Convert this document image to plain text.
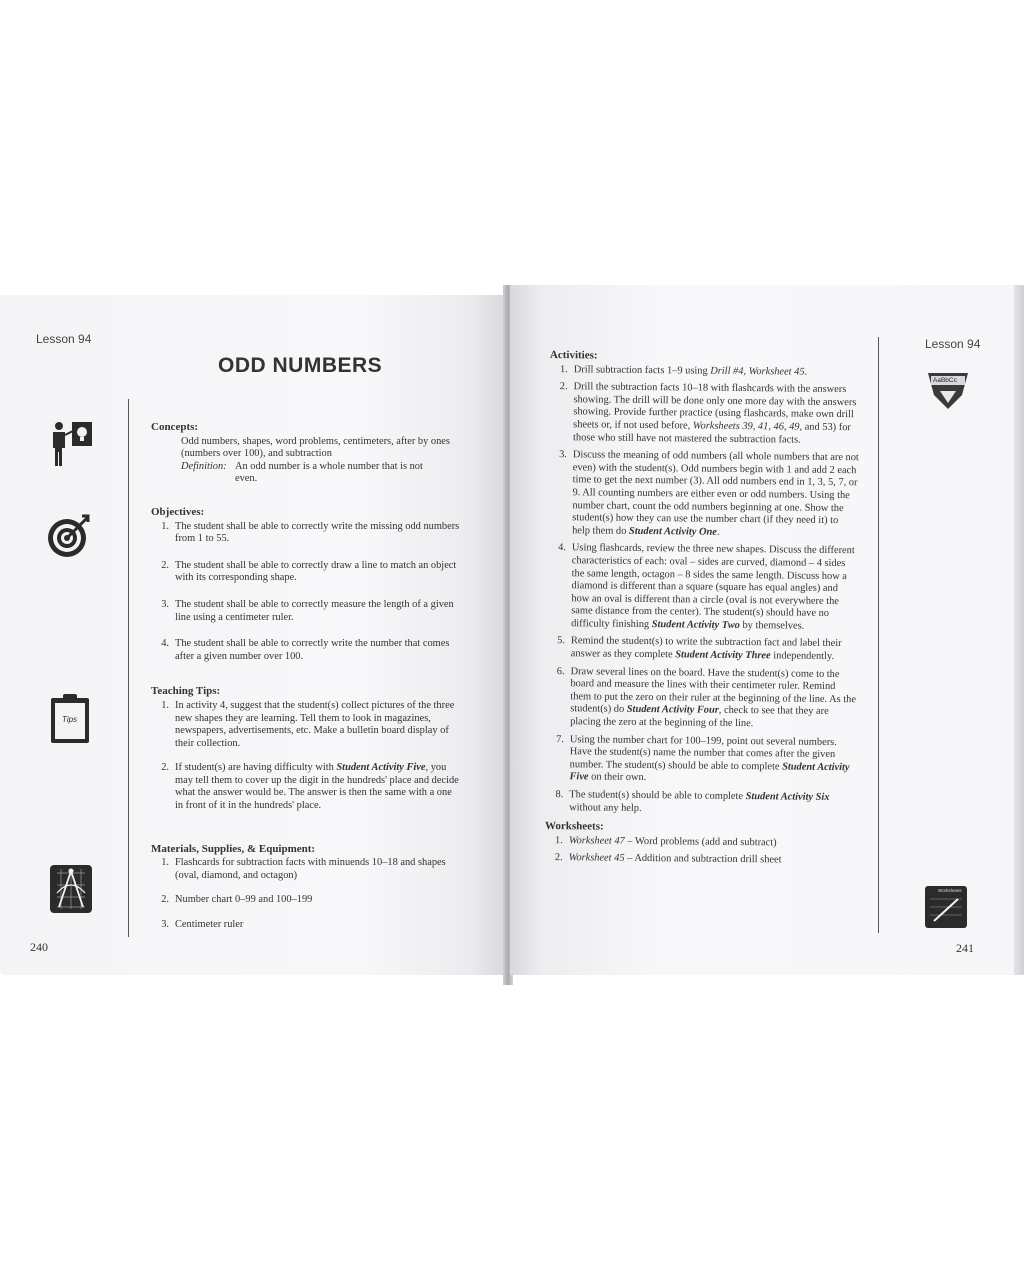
Lesson 94
ODD NUMBERS
Tips
Concepts:
Odd numbers, shapes, word problems, centimeters, after by ones (numbers over 100), and subtraction
Definition: An odd number is a whole number that is not even.
Objectives:
1. The student shall be able to correctly write the missing odd numbers from 1 to 55.
2. The student shall be able to correctly draw a line to match an object with its corresponding shape.
3. The student shall be able to correctly measure the length of a given line using a centimeter ruler.
4. The student shall be able to correctly write the number that comes after a given number over 100.
Teaching Tips:
1. In activity 4, suggest that the student(s) collect pictures of the three new shapes they are learning. Tell them to look in magazines, newspapers, advertisements, etc. Make a bulletin board display of their collection.
2. If student(s) are having difficulty with Student Activity Five, you may tell them to cover up the digit in the hundreds' place and decide what the answer would be. The answer is then the same with a one in front of it in the hundreds' place.
Materials, Supplies, & Equipment:
1. Flashcards for subtraction facts with minuends 10–18 and shapes (oval, diamond, and octagon)
2. Number chart 0–99 and 100–199
3. Centimeter ruler
240
Lesson 94
AaBbCc
Worksheets
Activities:
1. Drill subtraction facts 1–9 using Drill #4, Worksheet 45.
2. Drill the subtraction facts 10–18 with flashcards with the answers showing. The drill will be done only one more day with the answers showing. Provide further practice (using flashcards, make own drill sheets or, if not used before, Worksheets 39, 41, 46, 49, and 53) for those who still have not mastered the subtraction facts.
3. Discuss the meaning of odd numbers (all whole numbers that are not even) with the student(s). Odd numbers begin with 1 and add 2 each time to get the next number (3). All odd numbers end in 1, 3, 5, 7, or 9. All counting numbers are either even or odd numbers. Using the number chart, count the odd numbers beginning at one. Show the student(s) how they can use the number chart (if they need it) to help them do Student Activity One.
4. Using flashcards, review the three new shapes. Discuss the different characteristics of each: oval – sides are curved, diamond – 4 sides the same length, octagon – 8 sides the same length. Discuss how a diamond is different than a square (square has equal angles) and how an oval is different than a circle (oval is not everywhere the same distance from the center). The student(s) should have no difficulty finishing Student Activity Two by themselves.
5. Remind the student(s) to write the subtraction fact and label their answer as they complete Student Activity Three independently.
6. Draw several lines on the board. Have the student(s) come to the board and measure the lines with their centimeter ruler. Remind them to put the zero on their ruler at the beginning of the line. As the student(s) do Student Activity Four, check to see that they are placing the zero at the beginning of the line.
7. Using the number chart for 100–199, point out several numbers. Have the student(s) name the number that comes after the given number. The student(s) should be able to complete Student Activity Five on their own.
8. The student(s) should be able to complete Student Activity Six without any help.
Worksheets:
1. Worksheet 47 – Word problems (add and subtract)
2. Worksheet 45 – Addition and subtraction drill sheet
241
